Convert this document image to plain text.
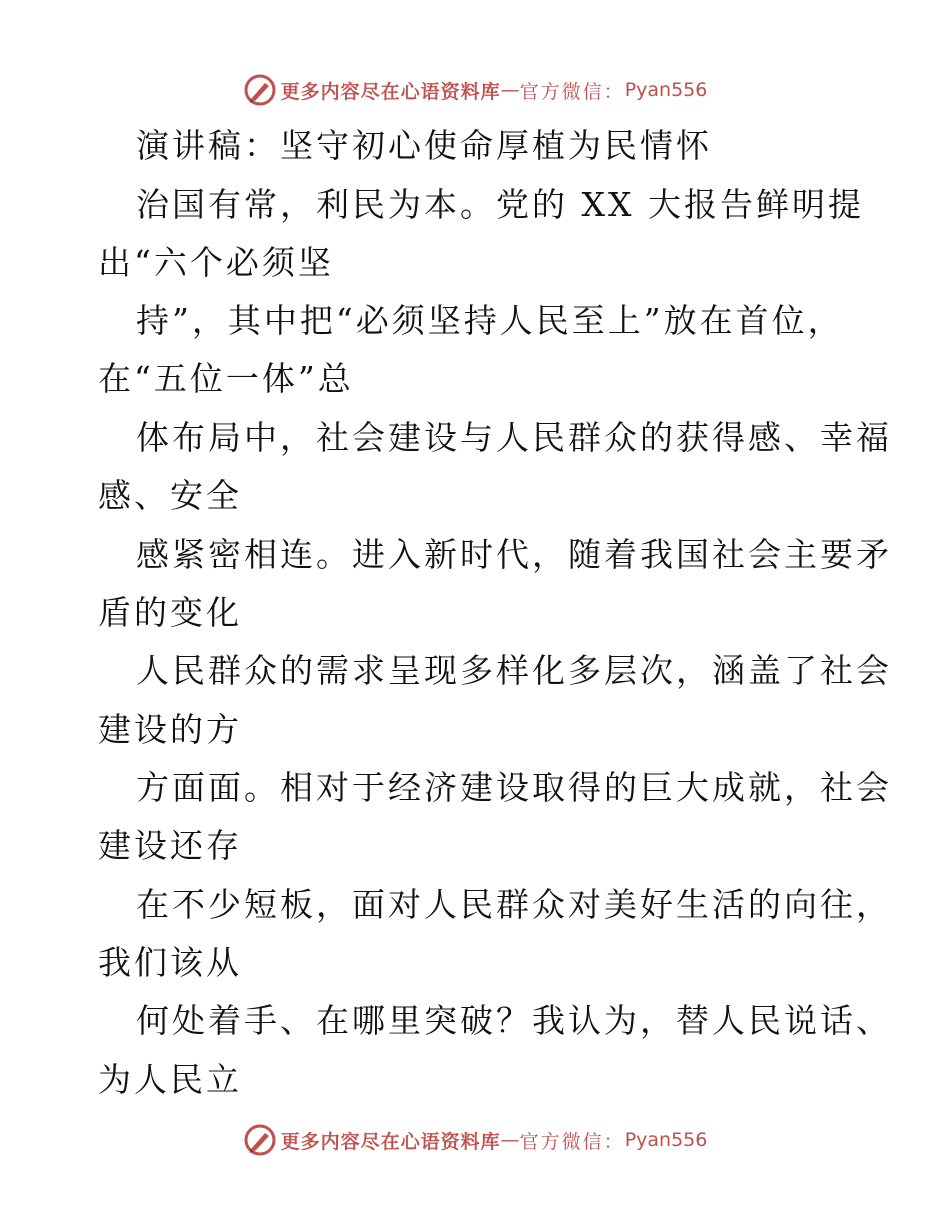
更多内容尽在心语资料库 — 官方微信： Pyan556
演讲稿：坚守初心使命厚植为民情怀
治国有常，利民为本。党的 XX 大报告鲜明提
出“六个必须坚
持”，其中把“必须坚持人民至上”放在首位，
在“五位一体”总
体布局中，社会建设与人民群众的获得感、幸福
感、安全
感紧密相连。进入新时代，随着我国社会主要矛
盾的变化
人民群众的需求呈现多样化多层次，涵盖了社会
建设的方
方面面。相对于经济建设取得的巨大成就，社会
建设还存
在不少短板，面对人民群众对美好生活的向往，
我们该从
何处着手、在哪里突破？我认为，替人民说话、
为人民立
更多内容尽在心语资料库 — 官方微信： Pyan556
